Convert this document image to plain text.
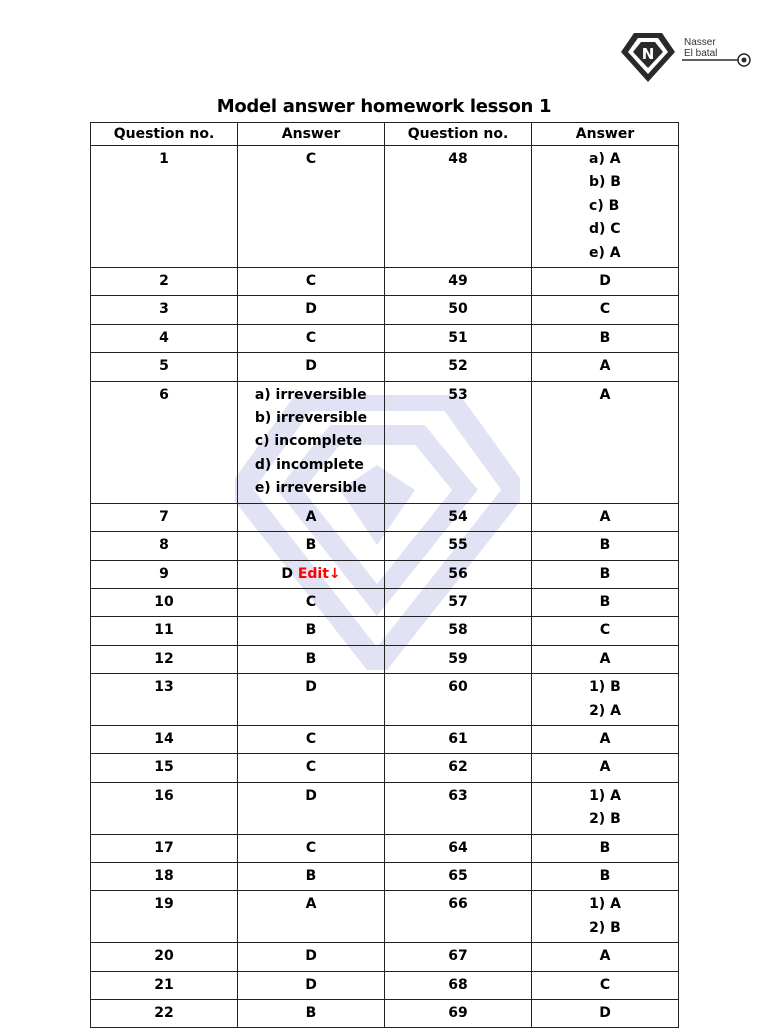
N
Nasser
El batal
Model answer homework lesson 1
Question no.	Answer	Question no.	Answer

1	C	48	a) A
b) B
c) B
d) C
e) A

2	C	49	D

3	D	50	C

4	C	51	B

5	D	52	A

6	a) irreversible
b) irreversible
c) incomplete
d) incomplete
e) irreversible	53	A

7	A	54	A

8	B	55	B

9	D Edit↓	56	B

10	C	57	B

11	B	58	C

12	B	59	A

13	D	60	1) B
2) A

14	C	61	A

15	C	62	A

16	D	63	1) A
2) B

17	C	64	B

18	B	65	B

19	A	66	1) A
2) B

20	D	67	A

21	D	68	C

22	B	69	D
